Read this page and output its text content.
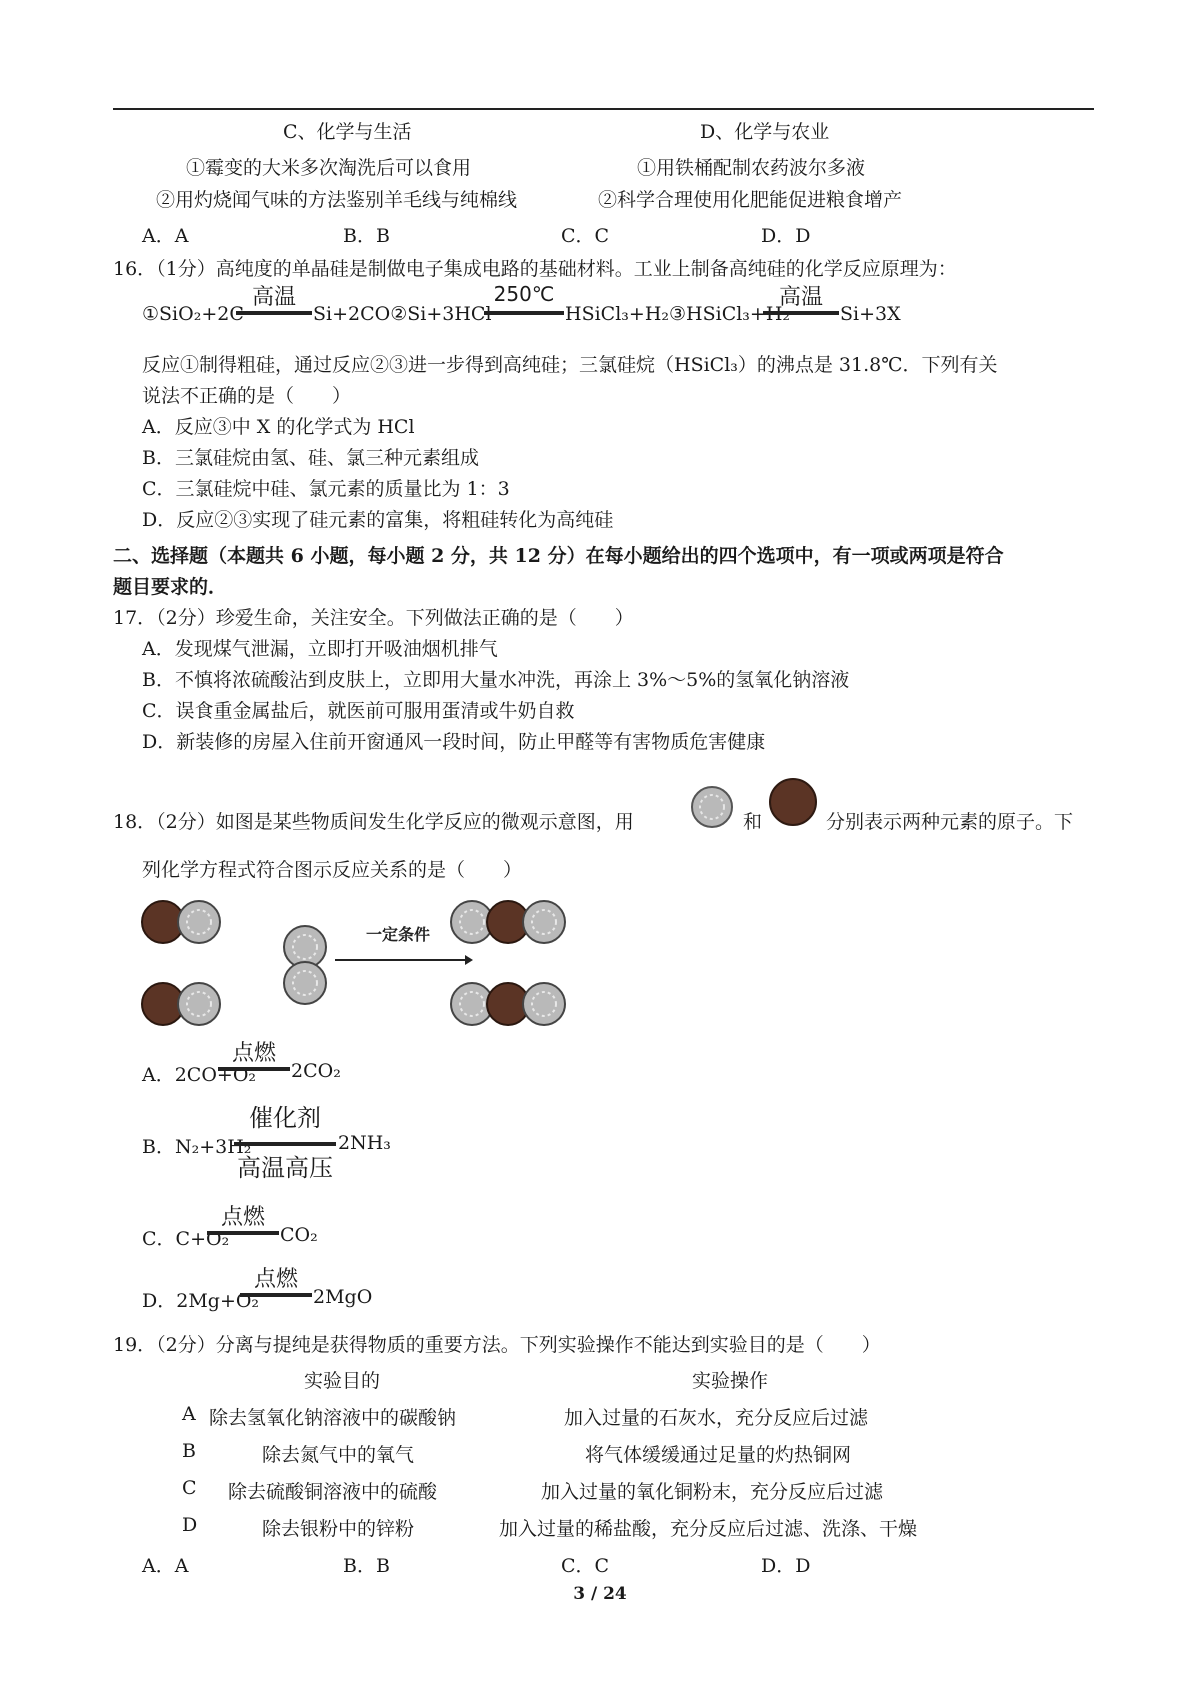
C、化学与生活	D、化学与农业
①霉变的大米多次淘洗后可以食用	①用铁桶配制农药波尔多液
②用灼烧闻气味的方法鉴别羊毛线与纯棉线	②科学合理使用化肥能促进粮食增产
A．A	B．B	C．C	D．D
16．（1分）高纯度的单晶硅是制做电子集成电路的基础材料。工业上制备高纯硅的化学反应原理为：
①SiO₂+2C
高温
Si+2CO②Si+3HCl
250℃
HSiCl₃+H₂③HSiCl₃+H₂
高温
Si+3X
反应①制得粗硅，通过反应②③进一步得到高纯硅；三氯硅烷（HSiCl₃）的沸点是 31.8℃．下列有关
说法不正确的是（　　）
A．反应③中 X 的化学式为 HCl
B．三氯硅烷由氢、硅、氯三种元素组成
C．三氯硅烷中硅、氯元素的质量比为 1：3
D．反应②③实现了硅元素的富集，将粗硅转化为高纯硅
二、选择题（本题共 6 小题，每小题 2 分，共 12 分）在每小题给出的四个选项中，有一项或两项是符合
题目要求的．
17．（2分）珍爱生命，关注安全。下列做法正确的是（　　）
A．发现煤气泄漏，立即打开吸油烟机排气
B．不慎将浓硫酸沾到皮肤上，立即用大量水冲洗，再涂上 3%～5%的氢氧化钠溶液
C．误食重金属盐后，就医前可服用蛋清或牛奶自救
D．新装修的房屋入住前开窗通风一段时间，防止甲醛等有害物质危害健康
18．（2分）如图是某些物质间发生化学反应的微观示意图，用	和	分别表示两种元素的原子。下
列化学方程式符合图示反应关系的是（　　）
一定条件
A．2CO+O₂
点燃
2CO₂
B．N₂+3H₂
催化剂
高温高压
2NH₃
C．C+O₂
点燃
CO₂
D．2Mg+O₂
点燃
2MgO
19．（2分）分离与提纯是获得物质的重要方法。下列实验操作不能达到实验目的是（　　）
实验目的	实验操作
A 除去氢氧化钠溶液中的碳酸钠	加入过量的石灰水，充分反应后过滤
B	除去氮气中的氧气	将气体缓缓通过足量的灼热铜网
C 除去硫酸铜溶液中的硫酸	加入过量的氧化铜粉末，充分反应后过滤
D	除去银粉中的锌粉	加入过量的稀盐酸，充分反应后过滤、洗涤、干燥
A．A	B．B	C．C	D．D
3 / 24
